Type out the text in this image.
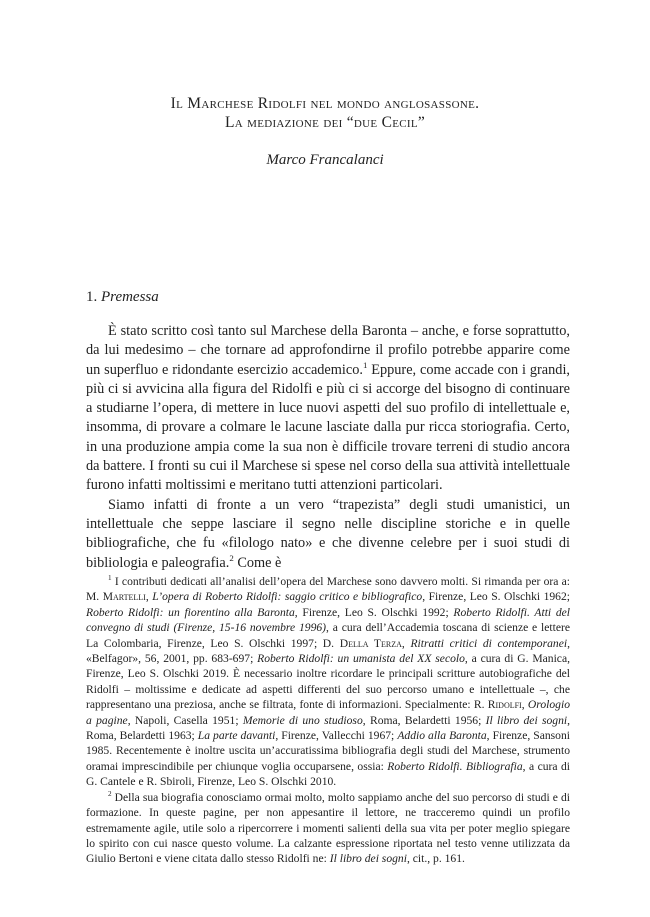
Il Marchese Ridolfi nel mondo anglosassone.
La mediazione dei “due Cecil”
Marco Francalanci
1. Premessa

È stato scritto così tanto sul Marchese della Baronta – anche, e forse soprattutto, da lui medesimo – che tornare ad approfondirne il profilo potrebbe apparire come un superfluo e ridondante esercizio accademico.$^1$ Eppure, come accade con i grandi, più ci si avvicina alla figura del Ridolfi e più ci si accorge del bisogno di continuare a studiarne l’opera, di mettere in luce nuovi aspetti del suo profilo di intellettuale e, insomma, di provare a colmare le lacune lasciate dalla pur ricca storiografia. Certo, in una produzione ampia come la sua non è difficile trovare terreni di studio ancora da battere. I fronti su cui il Marchese si spese nel corso della sua attività intellettuale furono infatti moltissimi e meritano tutti attenzioni particolari.

Siamo infatti di fronte a un vero “trapezista” degli studi umanistici, un intellettuale che seppe lasciare il segno nelle discipline storiche e in quelle bibliografiche, che fu «filologo nato» e che divenne celebre per i suoi studi di bibliologia e paleografia.$^2$ Come è

$^1$ I contributi dedicati all’analisi dell’opera del Marchese sono davvero molti. Si rimanda per ora a: M. Martelli, L’opera di Roberto Ridolfi: saggio critico e bibliografico, Firenze, Leo S. Olschki 1962; Roberto Ridolfi: un fiorentino alla Baronta, Firenze, Leo S. Olschki 1992; Roberto Ridolfi. Atti del convegno di studi (Firenze, 15-16 novembre 1996), a cura dell’Accademia toscana di scienze e lettere La Colombaria, Firenze, Leo S. Olschki 1997; D. Della Terza, Ritratti critici di contemporanei, «Belfagor», 56, 2001, pp. 683-697; Roberto Ridolfi: un umanista del XX secolo, a cura di G. Manica, Firenze, Leo S. Olschki 2019. È necessario inoltre ricordare le principali scritture autobiografiche del Ridolfi – moltissime e dedicate ad aspetti differenti del suo percorso umano e intellettuale –, che rappresentano una preziosa, anche se filtrata, fonte di informazioni. Specialmente: R. Ridolfi, Orologio a pagine, Napoli, Casella 1951; Memorie di uno studioso, Roma, Belardetti 1956; Il libro dei sogni, Roma, Belardetti 1963; La parte davanti, Firenze, Vallecchi 1967; Addio alla Baronta, Firenze, Sansoni 1985. Recentemente è inoltre uscita un’accuratissima bibliografia degli studi del Marchese, strumento oramai imprescindibile per chiunque voglia occuparsene, ossia: Roberto Ridolfi. Bibliografia, a cura di G. Cantele e R. Sbiroli, Firenze, Leo S. Olschki 2010.

$^2$ Della sua biografia conosciamo ormai molto, molto sappiamo anche del suo percorso di studi e di formazione. In queste pagine, per non appesantire il lettore, ne tracceremo quindi un profilo estremamente agile, utile solo a ripercorrere i momenti salienti della sua vita per poter meglio spiegare lo spirito con cui nasce questo volume. La calzante espressione riportata nel testo venne utilizzata da Giulio Bertoni e viene citata dallo stesso Ridolfi ne: Il libro dei sogni, cit., p. 161.
